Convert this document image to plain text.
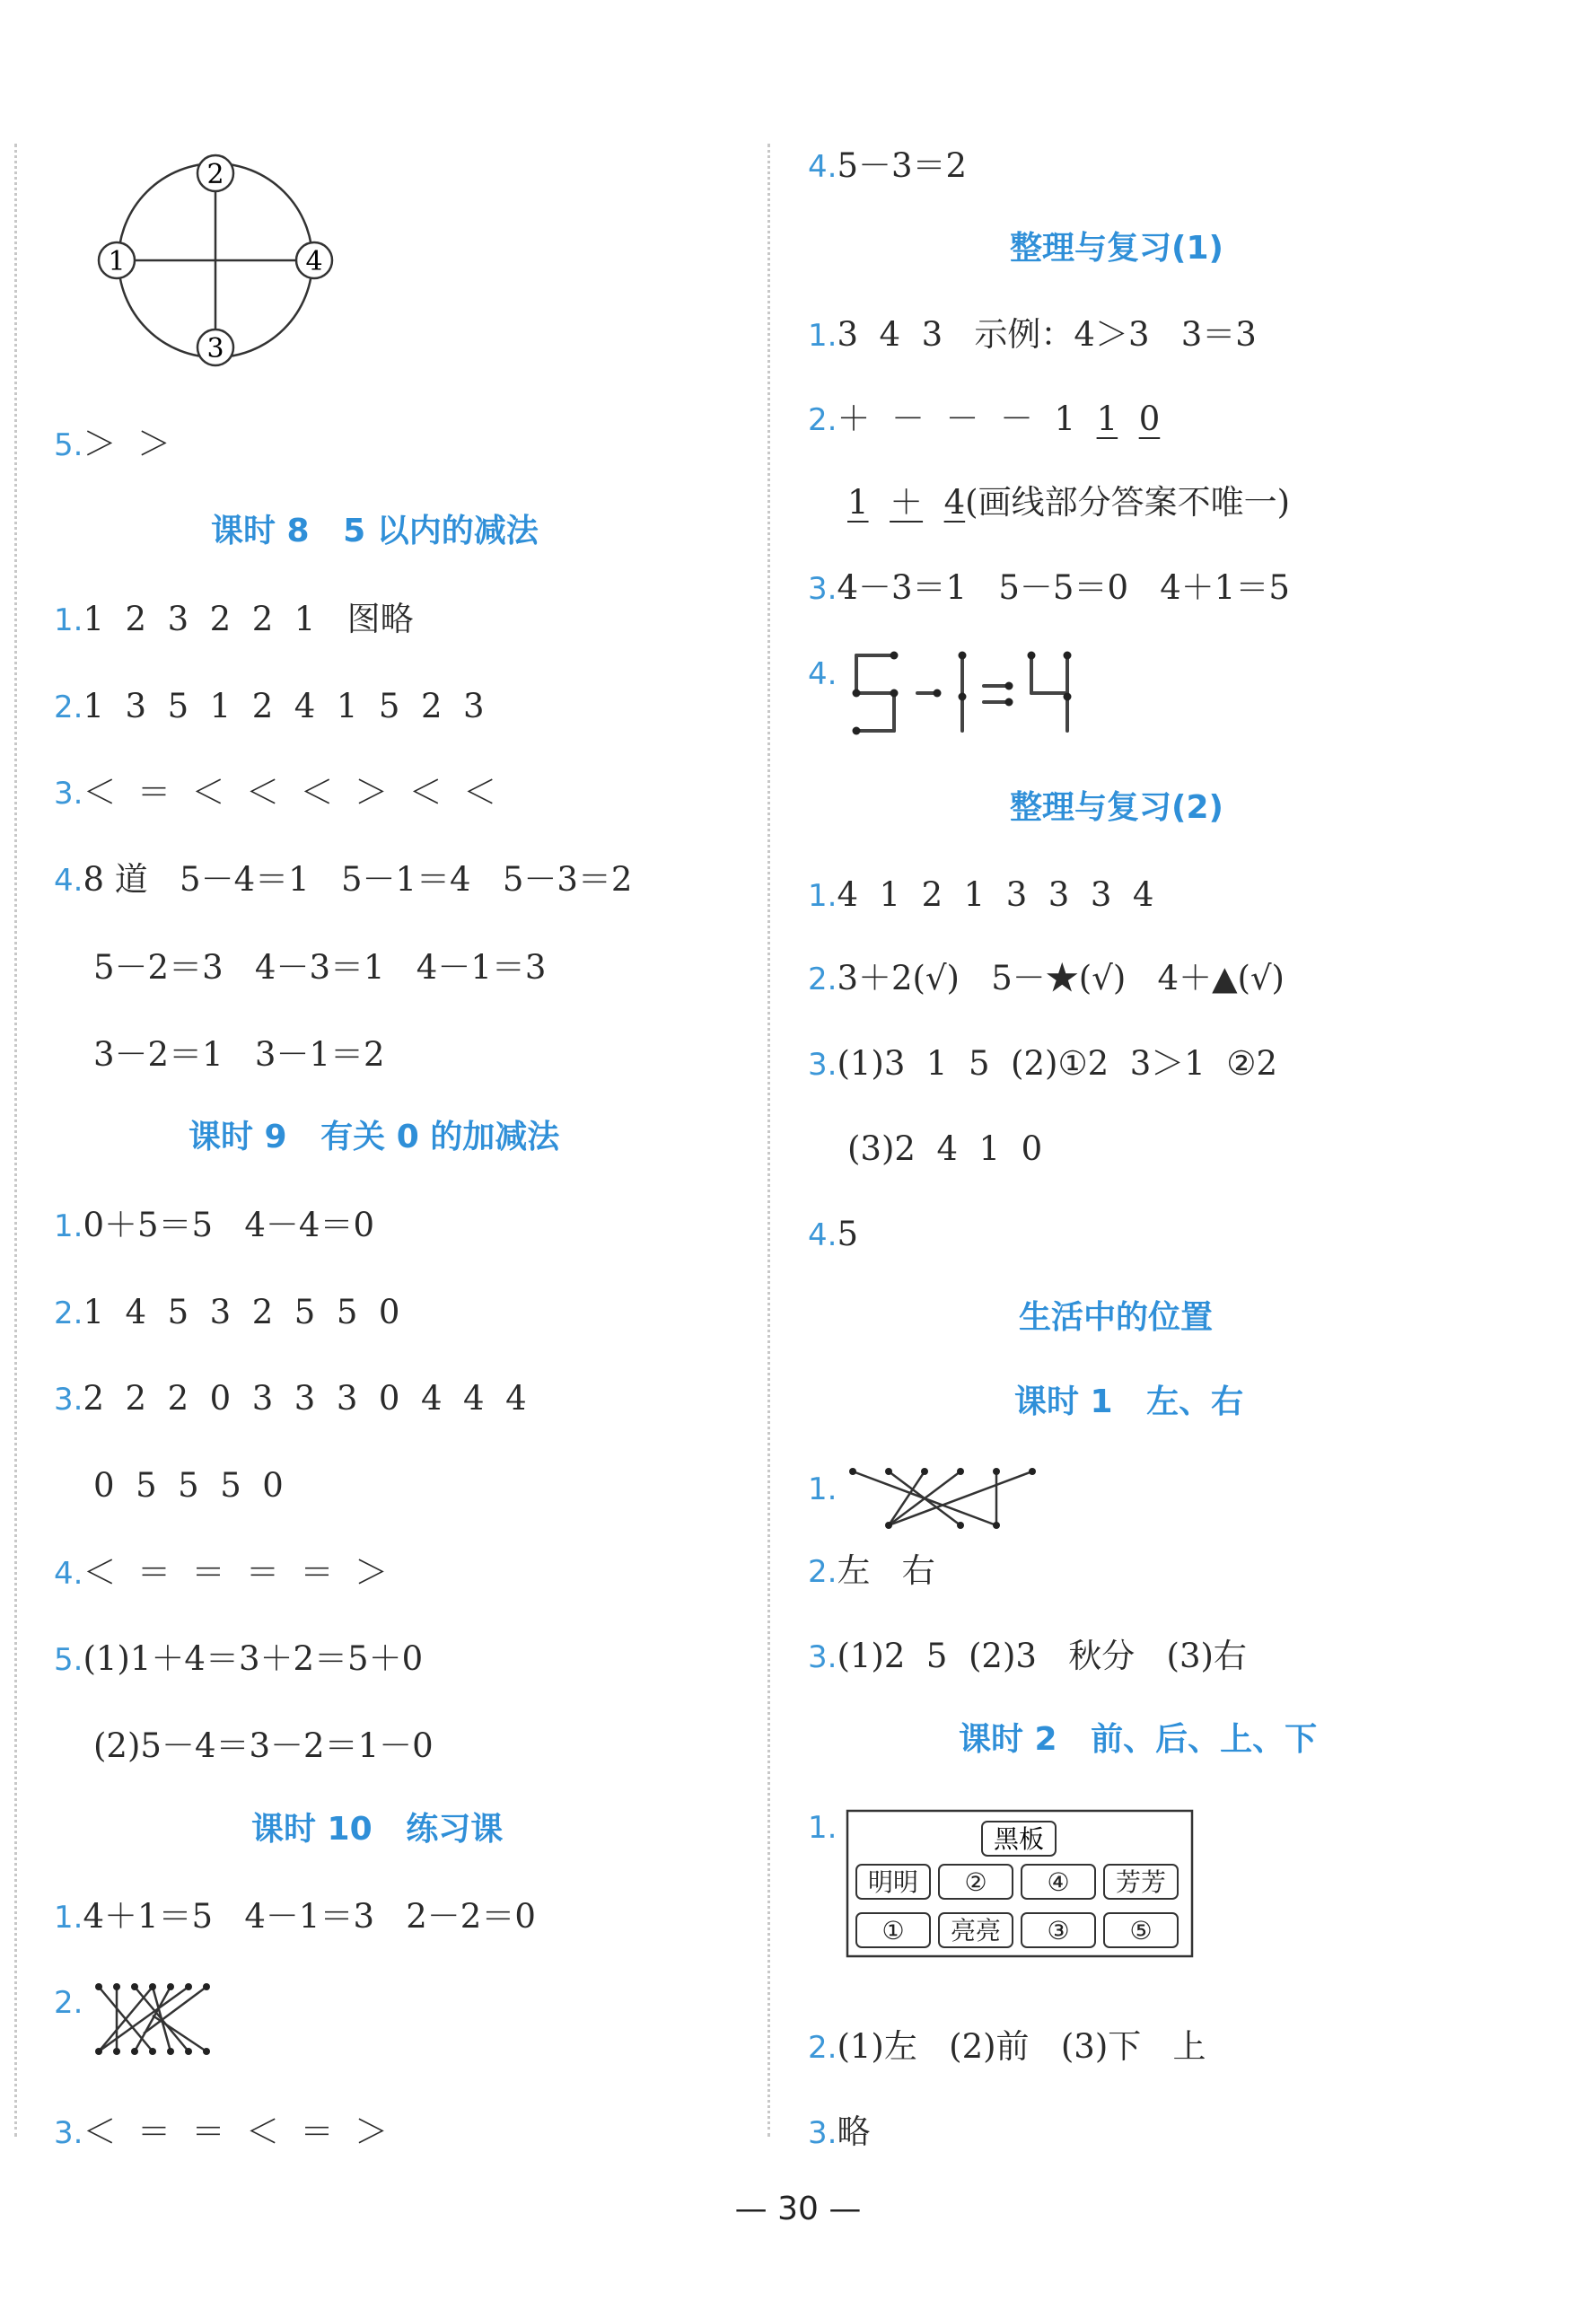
2
1	4
3
5.＞  ＞
课时 8   5 以内的减法
1.1  2  3  2  2  1   图略
2.1  3  5  1  2  4  1  5  2  3
3.＜  ＝  ＜  ＜  ＜  ＞  ＜  ＜
4.8 道   5－4＝1   5－1＝4   5－3＝2
5－2＝3   4－3＝1   4－1＝3
3－2＝1   3－1＝2
课时 9   有关 0 的加减法
1.0＋5＝5   4－4＝0
2.1  4  5  3  2  5  5  0
3.2  2  2  0  3  3  3  0  4  4  4
0  5  5  5  0
4.＜  ＝  ＝  ＝  ＝  ＞
5.(1)1＋4＝3＋2＝5＋0
(2)5－4＝3－2＝1－0
课时 10   练习课
1.4＋1＝5   4－1＝3   2－2＝0
2.
3.＜  ＝  ＝  ＜  ＝  ＞
4.5－3＝2
整理与复习(1)
1.3  4  3   示例：4＞3   3＝3
2.＋  －  －  －  1  1 0
1 ＋ 4(画线部分答案不唯一)
3.4－3＝1   5－5＝0   4＋1＝5
4.
整理与复习(2)
1.4  1  2  1  3  3  3  4
2.3＋2(√)   5－★(√)   4＋▲(√)
3.(1)3  1  5  (2)①2  3＞1  ②2
(3)2  4  1  0
4.5
生活中的位置
课时 1   左、右
1.
2.左   右
3.(1)2  5  (2)3   秋分   (3)右
课时 2   前、后、上、下
1.	黑板
明明 ② ④ 芳芳
① 亮亮 ③ ⑤
2.(1)左   (2)前   (3)下   上
3.略
— 30 —
